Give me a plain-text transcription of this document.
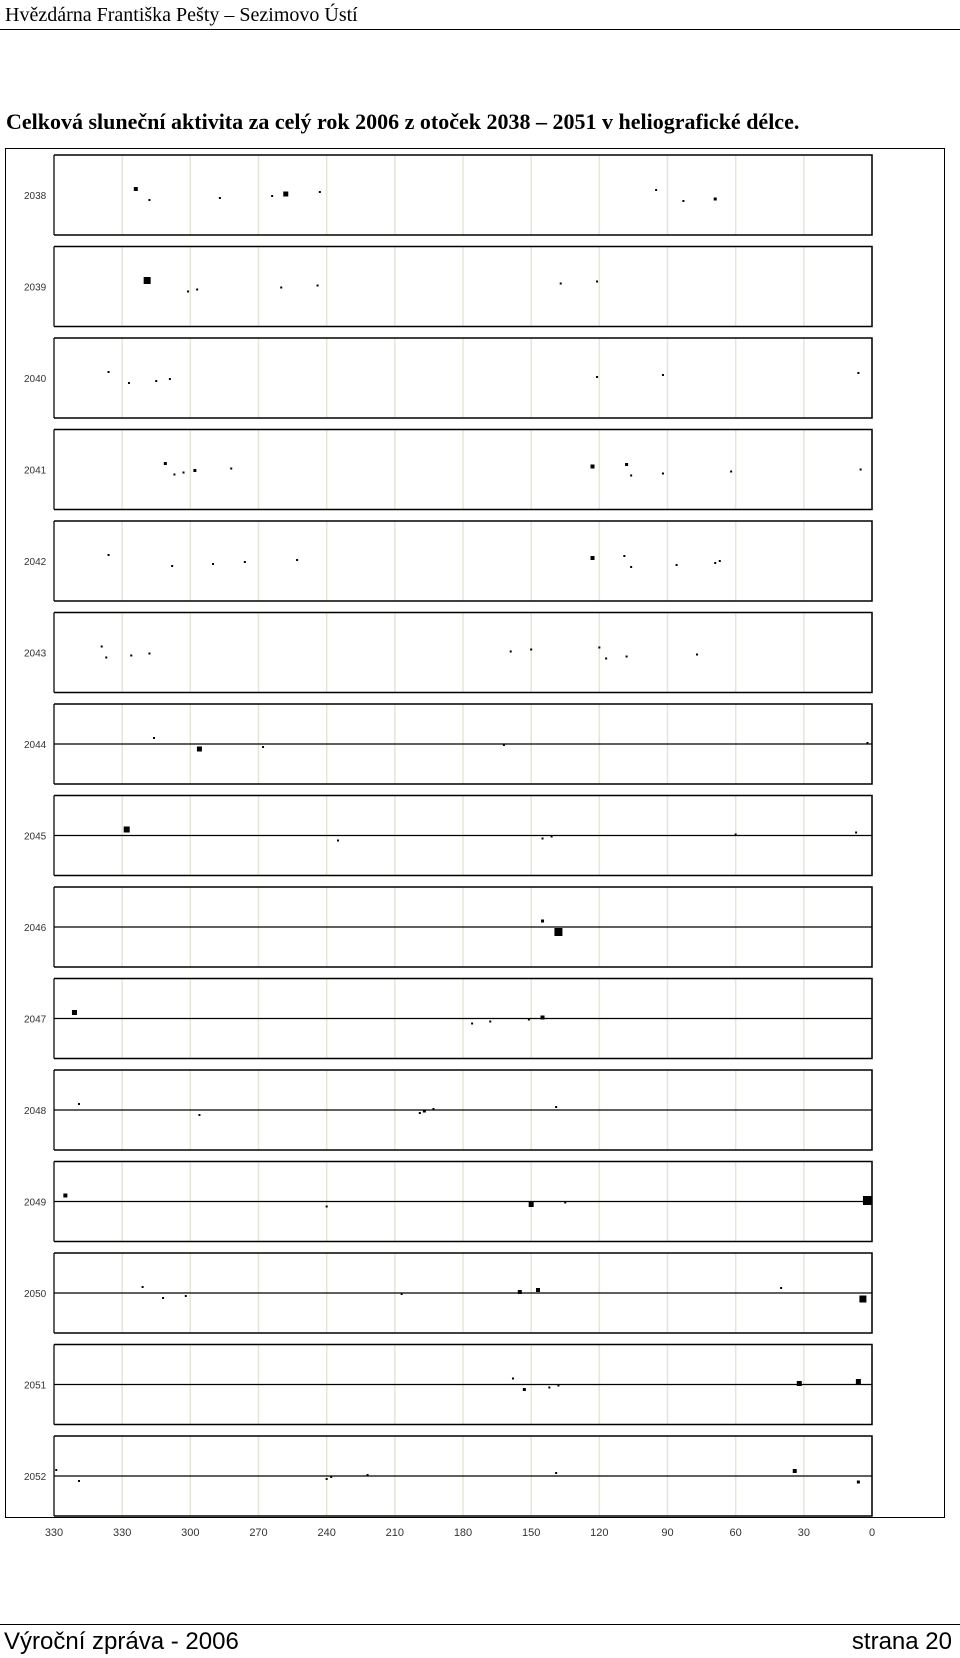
Hvězdárna Františka Pešty – Sezimovo Ústí
Celková sluneční aktivita za celý rok 2006 z otoček 2038 – 2051 v heliografické délce.
2038
2039
2040
2041
2042
2043
2044
2045
2046
2047
2048
2049
2050
2051
2052
330	330	300	270	240	210	180	150	120	90	60	30	0
Výroční zpráva - 2006	strana 20
